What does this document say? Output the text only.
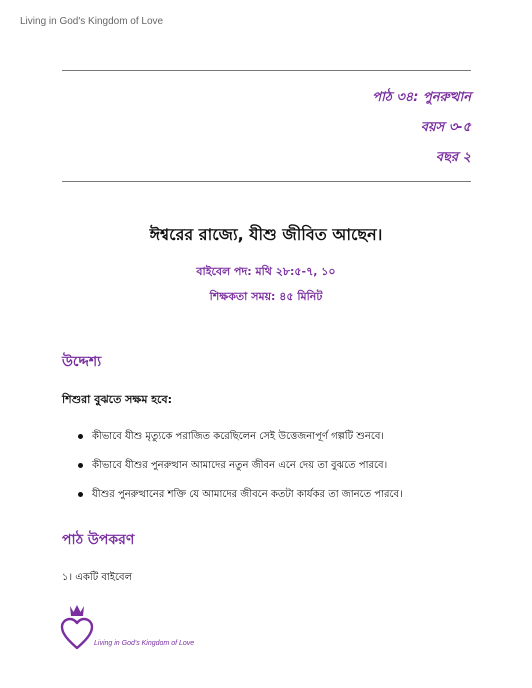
Living in God's Kingdom of Love
পাঠ ৩৪: পুনরুত্থান
বয়স ৩-৫
বছর ২
ঈশ্বরের রাজ্যে, যীশু জীবিত আছেন।
বাইবেল পদ: মথি ২৮:৫-৭, ১০
শিক্ষকতা সময়: ৪৫ মিনিট
উদ্দেশ্য
শিশুরা বুঝতে সক্ষম হবে:
কীভাবে যীশু মৃত্যুকে পরাজিত করেছিলেন সেই উত্তেজনাপূর্ণ গল্পটি শুনবে।
কীভাবে যীশুর পুনরুত্থান আমাদের নতুন জীবন এনে দেয় তা বুঝতে পারবে।
যীশুর পুনরুত্থানের শক্তি যে আমাদের জীবনে কতটা কার্যকর তা জানতে পারবে।
পাঠ উপকরণ
১। একটি বাইবেল
Living in God's Kingdom of Love
